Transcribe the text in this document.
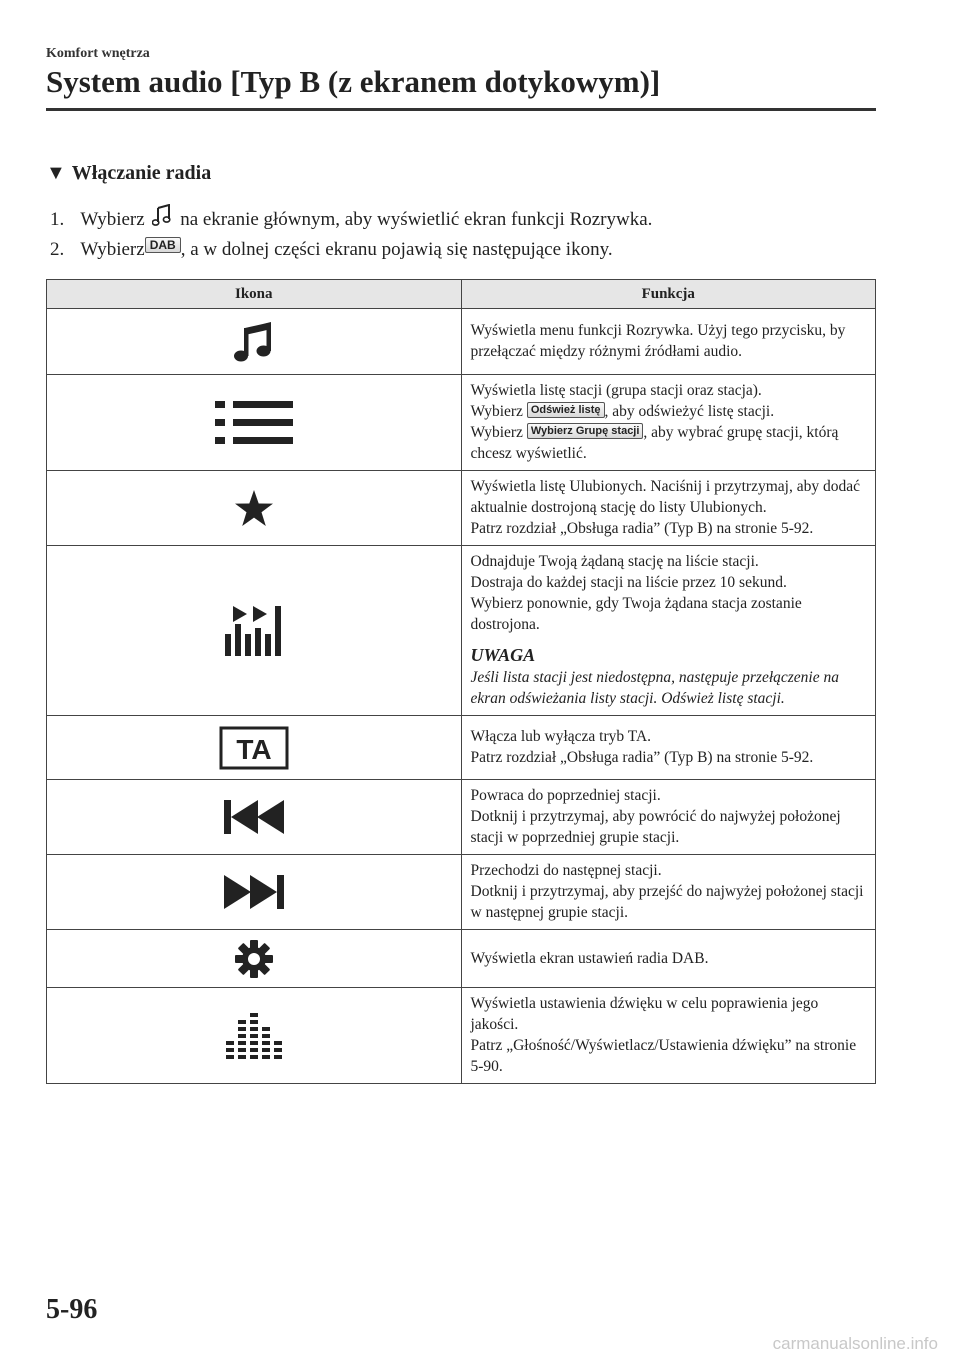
Komfort wnętrza
System audio [Typ B (z ekranem dotykowym)]
▼ Włączanie radia
1. Wybierz na ekranie głównym, aby wyświetlić ekran funkcji Rozrywka.
2. Wybierz DAB , a w dolnej części ekranu pojawią się następujące ikony.
Ikona	Funkcja

Wyświetla menu funkcji Rozrywka. Użyj tego przycisku, by przełączać między różnymi źródłami audio.

Wyświetla listę stacji (grupa stacji oraz stacja).
Wybierz Odśwież listę , aby odświeżyć listę stacji.
Wybierz Wybierz Grupę stacji , aby wybrać grupę stacji, którą chcesz wyświetlić.

Wyświetla listę Ulubionych. Naciśnij i przytrzymaj, aby dodać aktualnie dostrojoną stację do listy Ulubionych.
Patrz rozdział „Obsługa radia” (Typ B) na stronie 5-92.

Odnajduje Twoją żądaną stację na liście stacji.
Dostraja do każdej stacji na liście przez 10 sekund.
Wybierz ponownie, gdy Twoja żądana stacja zostanie dostrojona.
UWAGA
Jeśli lista stacji jest niedostępna, następuje przełączenie na ekran odświeżania listy stacji. Odśwież listę stacji.

TA	Włącza lub wyłącza tryb TA.
Patrz rozdział „Obsługa radia” (Typ B) na stronie 5-92.

Powraca do poprzedniej stacji.
Dotknij i przytrzymaj, aby powrócić do najwyżej położonej stacji w poprzedniej grupie stacji.

Przechodzi do następnej stacji.
Dotknij i przytrzymaj, aby przejść do najwyżej położonej stacji w następnej grupie stacji.

Wyświetla ekran ustawień radia DAB.

Wyświetla ustawienia dźwięku w celu poprawienia jego jakości.
Patrz „Głośność/Wyświetlacz/Ustawienia dźwięku” na stronie 5-90.
5-96
carmanualsonline.info
